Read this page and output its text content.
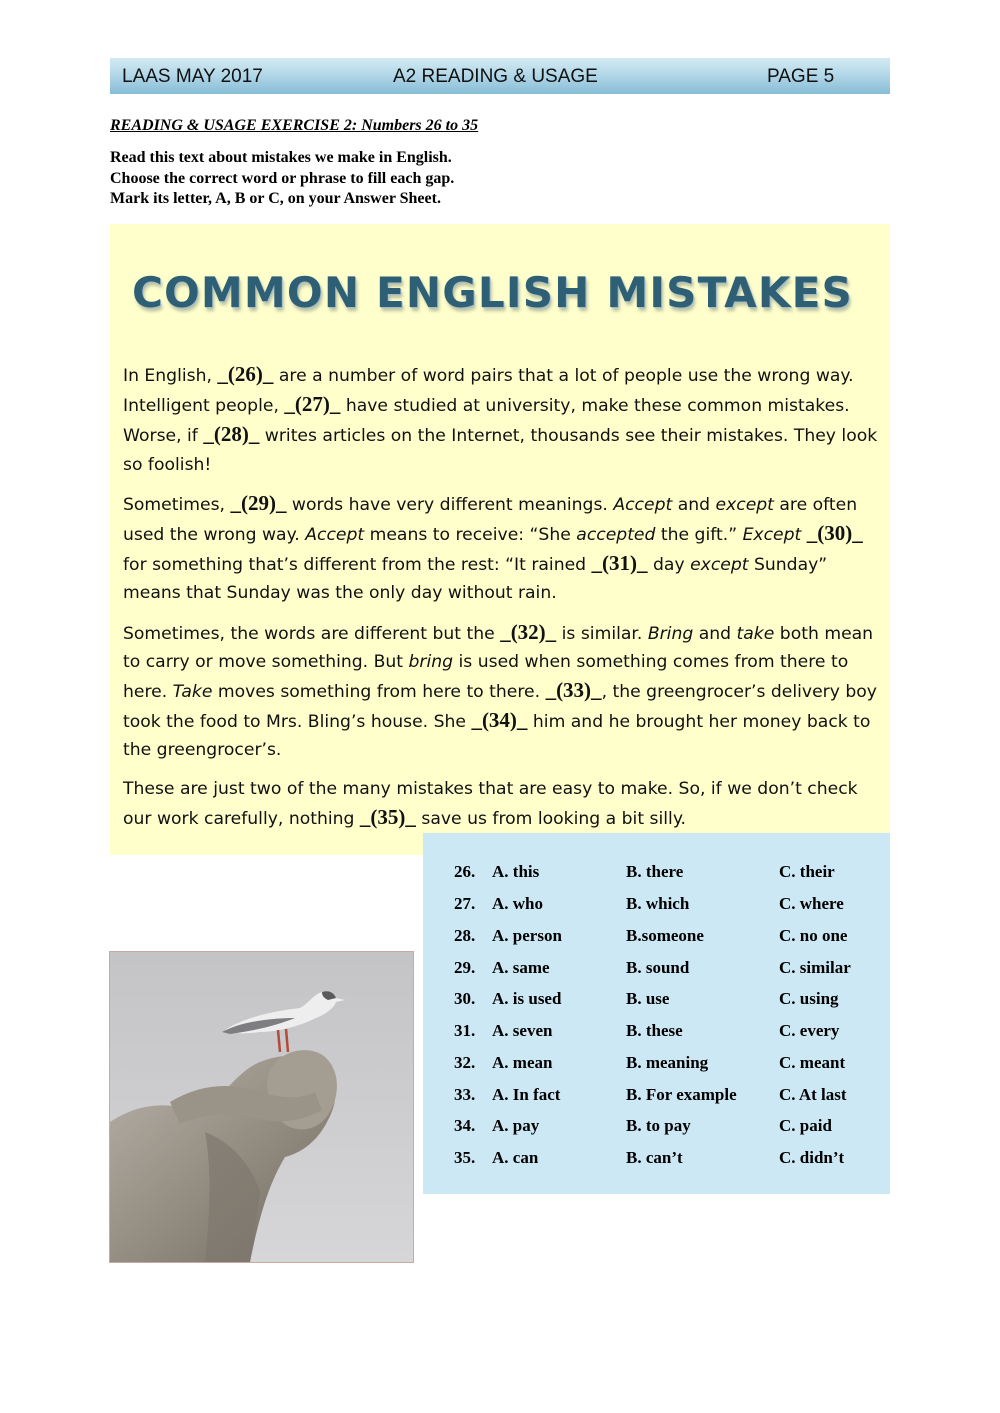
LAAS MAY 2017	A2 READING & USAGE	PAGE 5
READING & USAGE EXERCISE 2: Numbers 26 to 35
Read this text about mistakes we make in English.
Choose the correct word or phrase to fill each gap.
Mark its letter, A, B or C, on your Answer Sheet.
COMMON ENGLISH MISTAKES

In English, _(26)_ are a number of word pairs that a lot of people use the wrong way. Intelligent people, _(27)_ have studied at university, make these common mistakes. Worse, if _(28)_ writes articles on the Internet, thousands see their mistakes. They look so foolish!

Sometimes, _(29)_ words have very different meanings. Accept and except are often used the wrong way. Accept means to receive: “She accepted the gift.” Except _(30)_ for something that’s different from the rest: “It rained _(31)_ day except Sunday” means that Sunday was the only day without rain.

Sometimes, the words are different but the _(32)_ is similar. Bring and take both mean to carry or move something. But bring is used when something comes from there to here. Take moves something from here to there. _(33)_, the greengrocer’s delivery boy took the food to Mrs. Bling’s house. She _(34)_ him and he brought her money back to the greengrocer’s.

These are just two of the many mistakes that are easy to make. So, if we don’t check our work carefully, nothing _(35)_ save us from looking a bit silly.

26. A. this	B. there	C. their
27. A. who	B. which	C. where
28. A. person	B.someone	C. no one
29. A. same	B. sound	C. similar
30. A. is used	B. use	C. using
31. A. seven	B. these	C. every
32. A. mean	B. meaning	C. meant
33. A. In fact	B. For example C. At last
34. A. pay	B. to pay	C. paid
35. A. can	B. can’t	C. didn’t
